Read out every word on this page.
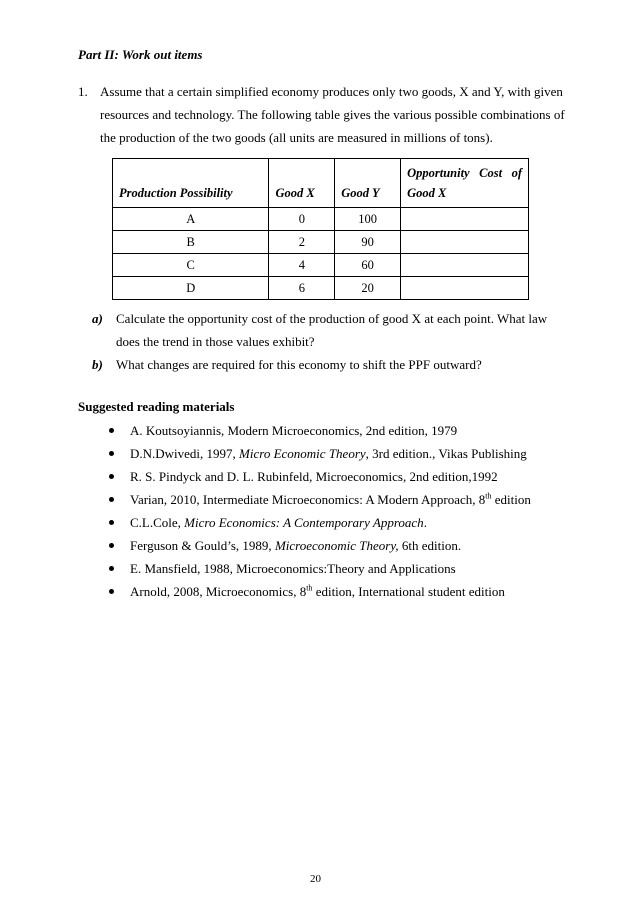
Part II: Work out items
1. Assume that a certain simplified economy produces only two goods, X and Y, with given
resources and technology. The following table gives the various possible combinations of
the production of the two goods (all units are measured in millions of tons).
Production Possibility	Good X	Good Y	Opportunity Cost of
Good X

A	0	100	
B	2	90	
C	4	60	
D	6	20	
a) Calculate the opportunity cost of the production of good X at each point. What law
does the trend in those values exhibit?
b) What changes are required for this economy to shift the PPF outward?
Suggested reading materials
A. Koutsoyiannis, Modern Microeconomics, 2nd edition, 1979
D.N.Dwivedi, 1997, Micro Economic Theory, 3rd edition., Vikas Publishing
R. S. Pindyck and D. L. Rubinfeld, Microeconomics, 2nd edition,1992
Varian, 2010, Intermediate Microeconomics: A Modern Approach, 8th edition
C.L.Cole, Micro Economics: A Contemporary Approach.
Ferguson & Gould’s, 1989, Microeconomic Theory, 6th edition.
E. Mansfield, 1988, Microeconomics:Theory and Applications
Arnold, 2008, Microeconomics, 8th edition, International student edition
20
